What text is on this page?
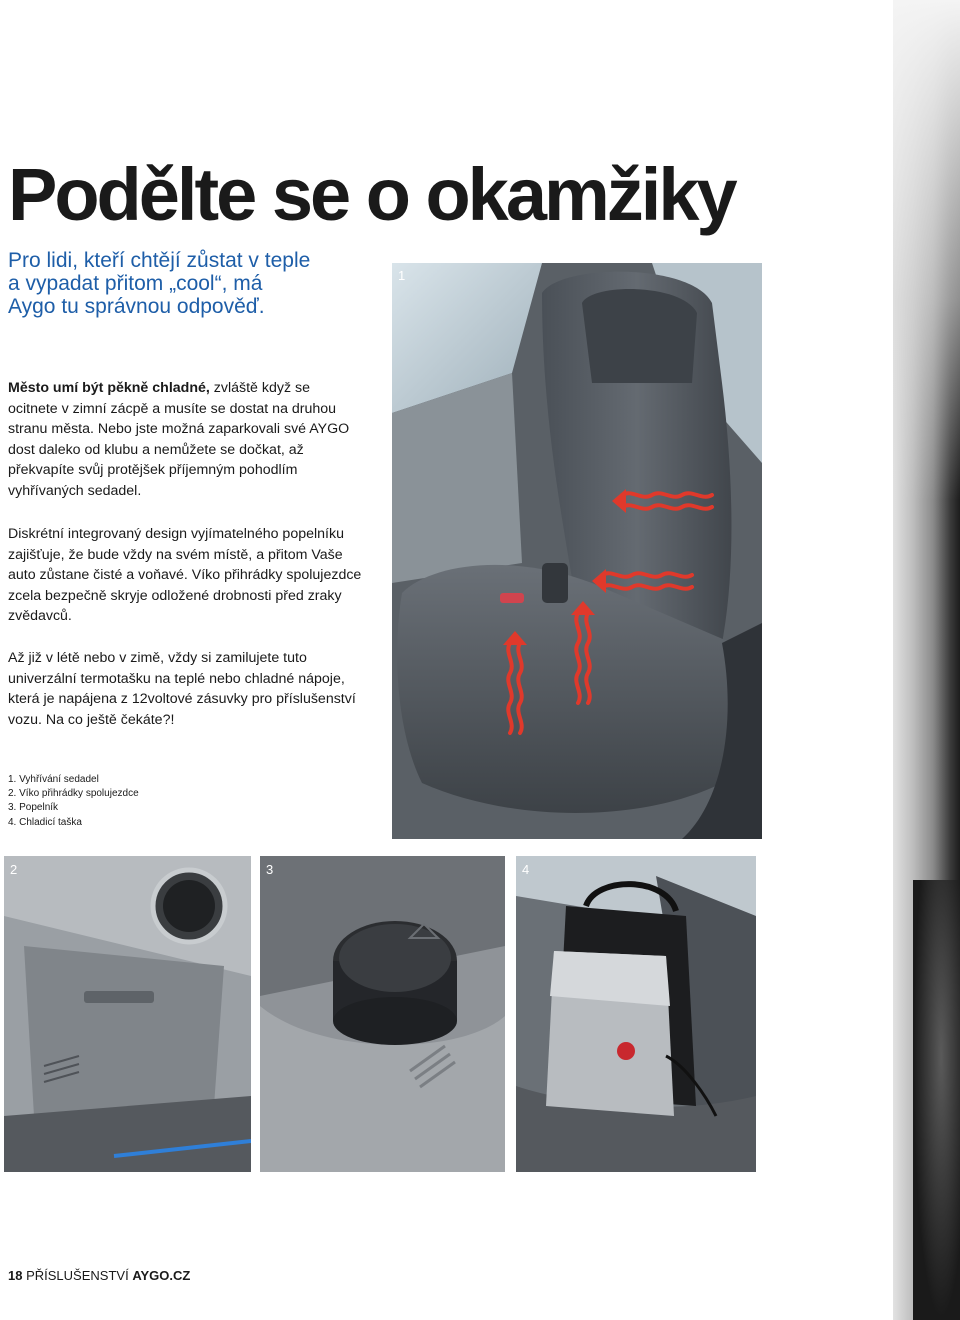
Podělte se o okamžiky

Pro lidi, kteří chtějí zůstat v teple
a vypadat přitom „cool“, má
Aygo tu správnou odpověď.

Město umí být pěkně chladné, zvláště když se ocitnete v zimní zácpě a musíte se dostat na druhou stranu města. Nebo jste možná zaparkovali své AYGO dost daleko od klubu a nemůžete se dočkat, až překvapíte svůj protějšek příjemným pohodlím vyhřívaných sedadel.

Diskrétní integrovaný design vyjímatelného popelníku zajišťuje, že bude vždy na svém místě, a přitom Vaše auto zůstane čisté a voňavé. Víko přihrádky spolujezdce zcela bezpečně skryje odložené drobnosti před zraky zvědavců.

Až již v létě nebo v zimě, vždy si zamilujete tuto univerzální termotašku na teplé nebo chladné nápoje, která je napájena z 12voltové zásuvky pro příslušenství vozu. Na co ještě čekáte?!

1. Vyhřívání sedadel
2. Víko přihrádky spolujezdce
3. Popelník
4. Chladicí taška
1
2	3	4
18 PŘÍSLUŠENSTVÍ AYGO.CZ
